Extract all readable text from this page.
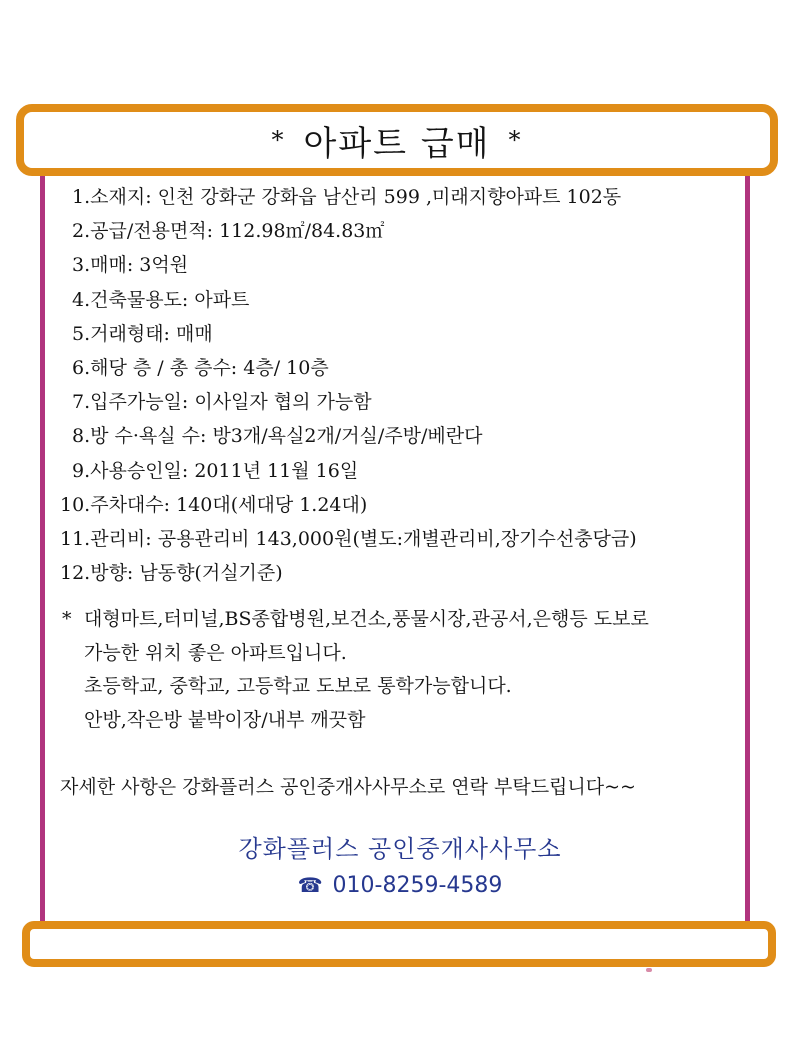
* 아파트 급매 *
1.소재지: 인천 강화군 강화읍 남산리 599 ,미래지향아파트 102동
2.공급/전용면적: 112.98㎡/84.83㎡
3.매매: 3억원
4.건축물용도: 아파트
5.거래형태: 매매
6.해당 층 / 총 층수: 4층/ 10층
7.입주가능일: 이사일자 협의 가능함
8.방 수·욕실 수: 방3개/욕실2개/거실/주방/베란다
9.사용승인일: 2011년 11월 16일
10.주차대수: 140대(세대당 1.24대)
11.관리비: 공용관리비 143,000원(별도:개별관리비,장기수선충당금)
12.방향: 남동향(거실기준)
* 대형마트,터미널,BS종합병원,보건소,풍물시장,관공서,은행등 도보로
가능한 위치 좋은 아파트입니다.
초등학교, 중학교, 고등학교 도보로 통학가능합니다.
안방,작은방 붙박이장/내부 깨끗함
자세한 사항은 강화플러스 공인중개사사무소로 연락 부탁드립니다~~
강화플러스 공인중개사사무소
☎ 010-8259-4589
